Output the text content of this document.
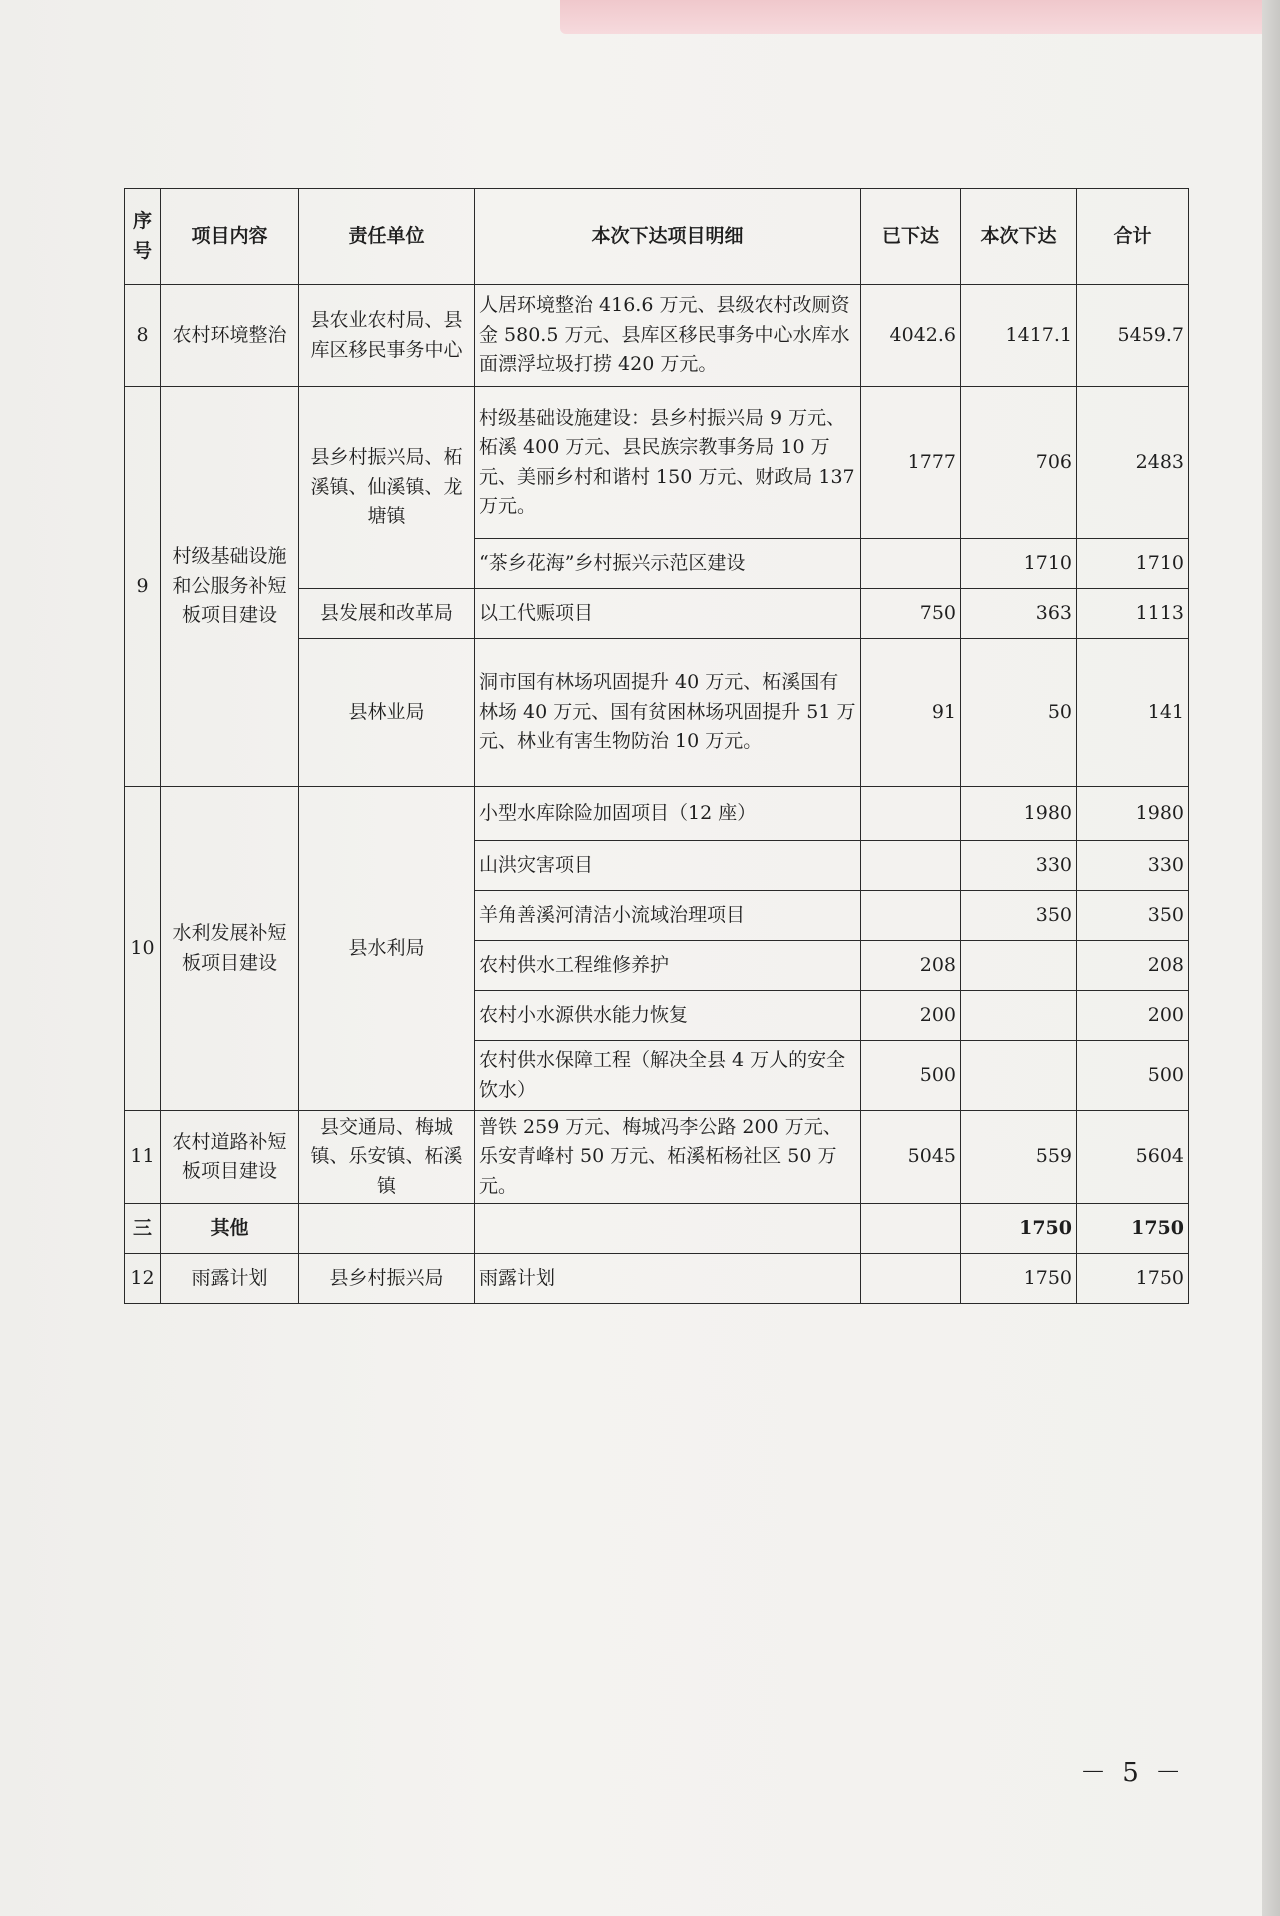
序号	项目内容	责任单位	本次下达项目明细	已下达	本次下达	合计
8	农村环境整治	县农业农村局、县库区移民事务中心	人居环境整治 416.6 万元、县级农村改厕资金 580.5 万元、县库区移民事务中心水库水面漂浮垃圾打捞 420 万元。	4042.6	1417.1	5459.7
9	村级基础设施和公服务补短板项目建设	县乡村振兴局、柘溪镇、仙溪镇、龙塘镇	村级基础设施建设：县乡村振兴局 9 万元、柘溪 400 万元、县民族宗教事务局 10 万元、美丽乡村和谐村 150 万元、财政局 137 万元。	1777	706	2483
			“茶乡花海”乡村振兴示范区建设		1710	1710
		县发展和改革局	以工代赈项目	750	363	1113
		县林业局	洞市国有林场巩固提升 40 万元、柘溪国有林场 40 万元、国有贫困林场巩固提升 51 万元、林业有害生物防治 10 万元。	91	50	141
10	水利发展补短板项目建设	县水利局	小型水库除险加固项目（12 座）		1980	1980
			山洪灾害项目		330	330
			羊角善溪河清洁小流域治理项目		350	350
			农村供水工程维修养护	208		208
			农村小水源供水能力恢复	200		200
			农村供水保障工程（解决全县 4 万人的安全饮水）	500		500
11	农村道路补短板项目建设	县交通局、梅城镇、乐安镇、柘溪镇	普铁 259 万元、梅城冯李公路 200 万元、乐安青峰村 50 万元、柘溪柘杨社区 50 万元。	5045	559	5604
三	其他				1750	1750
12	雨露计划	县乡村振兴局	雨露计划		1750	1750
－ 5 －
